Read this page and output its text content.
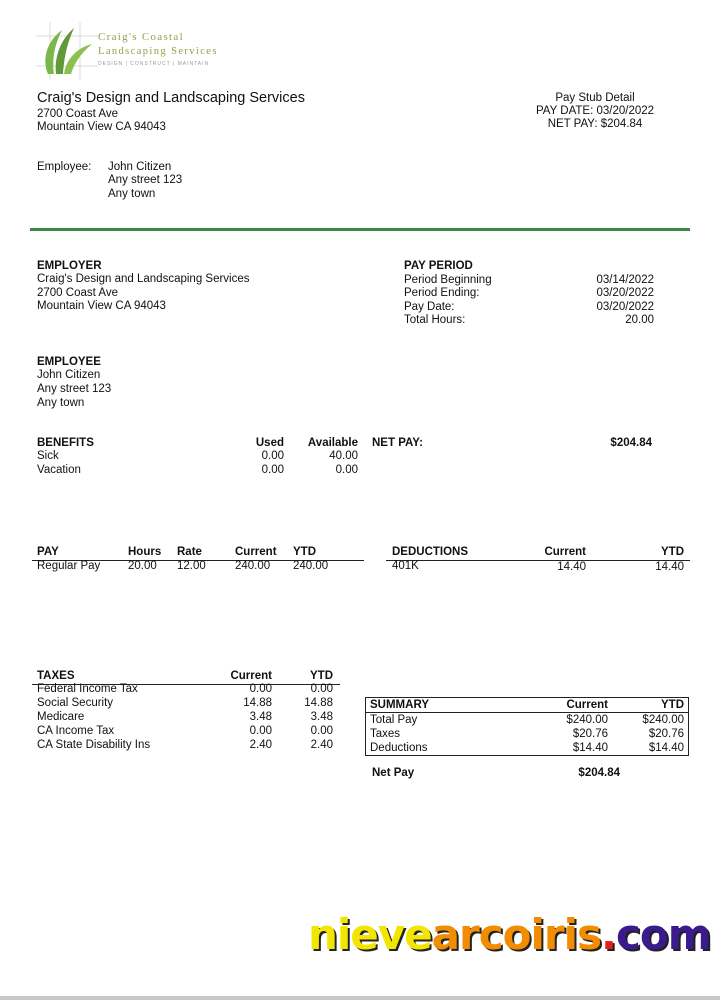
Craig's Coastal
Landscaping Services
DESIGN | CONSTRUCT | MAINTAIN
Craig's Design and Landscaping Services
2700 Coast Ave
Mountain View CA 94043
Pay Stub Detail
PAY DATE: 03/20/2022
NET PAY: $204.84
Employee: John Citizen
Any street 123
Any town
EMPLOYER
Craig's Design and Landscaping Services
2700 Coast Ave
Mountain View CA 94043
PAY PERIOD
Period Beginning	03/14/2022
Period Ending:	03/20/2022
Pay Date:	03/20/2022
Total Hours:	20.00
EMPLOYEE
John Citizen
Any street 123
Any town
BENEFITS	Used	Available
Sick	0.00	40.00
Vacation	0.00	0.00
NET PAY:	$204.84
PAY	Hours Rate	Current YTD
Regular Pay 20.00 12.00	240.00 240.00
DEDUCTIONS	Current	YTD
401K	14.40	14.40
TAXES	Current	YTD
Federal Income Tax	0.00	0.00
Social Security	14.88	14.88
Medicare	3.48	3.48
CA Income Tax	0.00	0.00
CA State Disability Ins	2.40	2.40
SUMMARY	Current	YTD
Total Pay	$240.00	$240.00
Taxes	$20.76	$20.76
Deductions	$14.40	$14.40
Net Pay	$204.84
nievearcoiris.com
